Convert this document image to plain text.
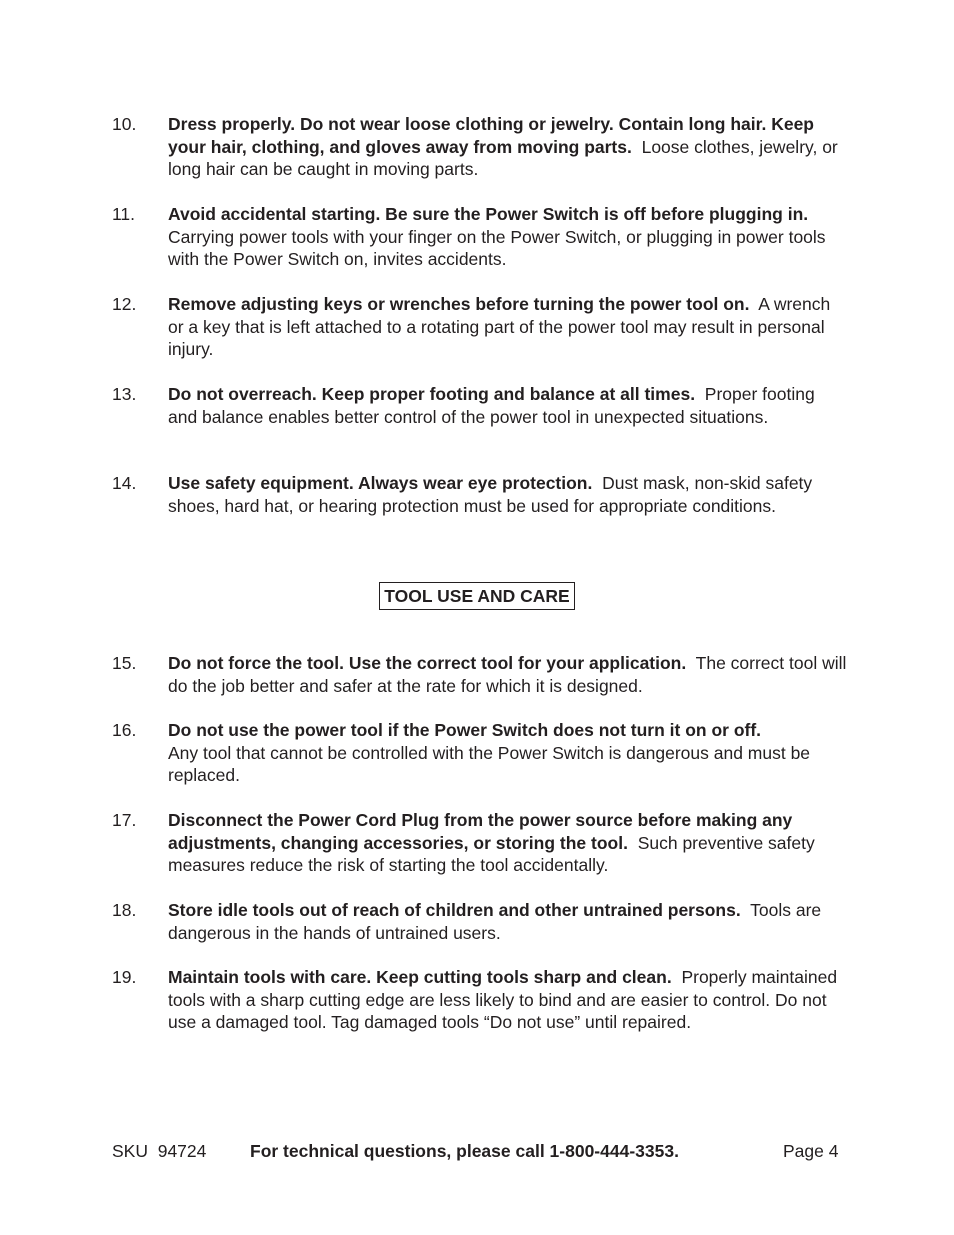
10. Dress properly. Do not wear loose clothing or jewelry. Contain long hair. Keep your hair, clothing, and gloves away from moving parts. Loose clothes, jewelry, or long hair can be caught in moving parts.
11. Avoid accidental starting. Be sure the Power Switch is off before plugging in.  Carrying power tools with your finger on the Power Switch, or plugging in power tools with the Power Switch on, invites accidents.
12. Remove adjusting keys or wrenches before turning the power tool on. A wrench or a key that is left attached to a rotating part of the power tool may result in personal injury.
13. Do not overreach. Keep proper footing and balance at all times. Proper footing and balance enables better control of the power tool in unexpected situations.
14. Use safety equipment. Always wear eye protection. Dust mask, non-skid safety shoes, hard hat, or hearing protection must be used for appropriate conditions.
TOOL USE AND CARE
15. Do not force the tool. Use the correct tool for your application. The correct tool will do the job better and safer at the rate for which it is designed.
16. Do not use the power tool if the Power Switch does not turn it on or off.
Any tool that cannot be controlled with the Power Switch is dangerous and must be replaced.
17. Disconnect the Power Cord Plug from the power source before making any adjustments, changing accessories, or storing the tool. Such preventive safety measures reduce the risk of starting the tool accidentally.
18. Store idle tools out of reach of children and other untrained persons. Tools are dangerous in the hands of untrained users.
19. Maintain tools with care. Keep cutting tools sharp and clean. Properly maintained tools with a sharp cutting edge are less likely to bind and are easier to control. Do not use a damaged tool. Tag damaged tools “Do not use” until repaired.
SKU  94724 For technical questions, please call 1-800-444-3353.	Page 4
